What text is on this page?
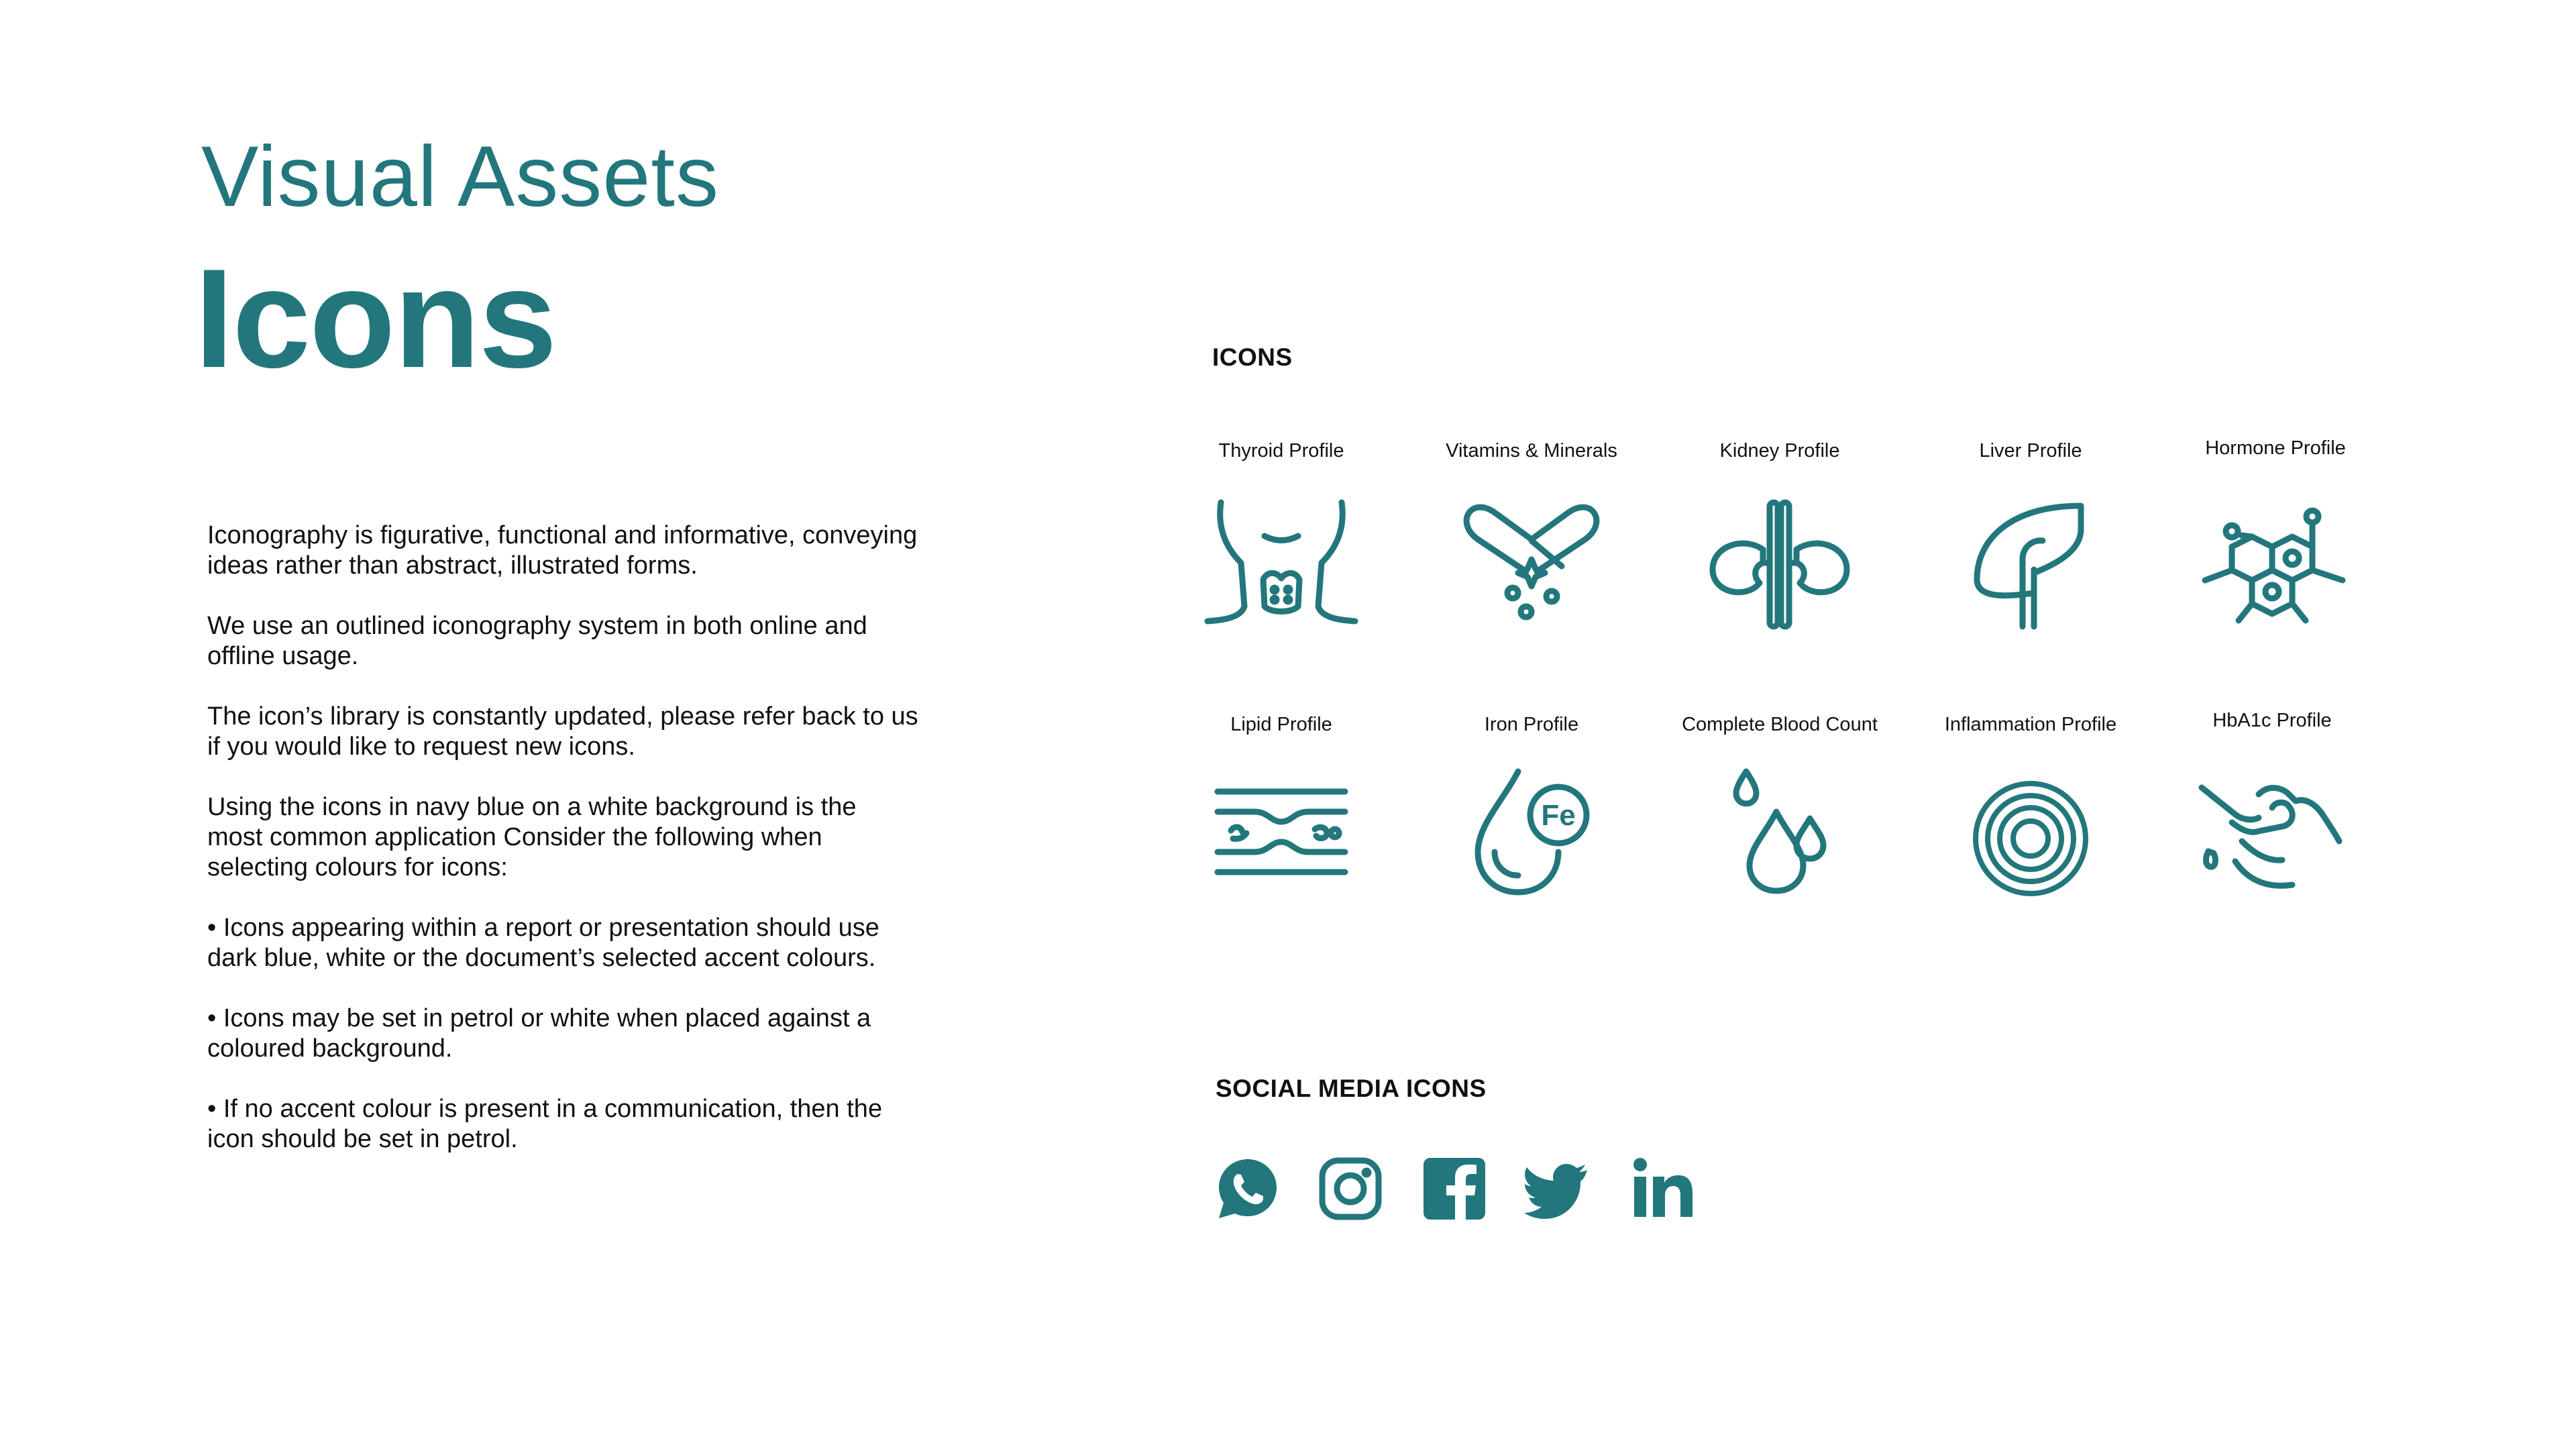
Visual Assets
Icons

Iconography is figurative, functional and informative, conveying ideas rather than abstract, illustrated forms.

We use an outlined iconography system in both online and offline usage.

The icon’s library is constantly updated, please refer back to us if you would like to request new icons.

Using the icons in navy blue on a white background is the most common application Consider the following when selecting colours for icons:

• Icons appearing within a report or presentation should use dark blue, white or the document’s selected accent colours.

• Icons may be set in petrol or white when placed against a coloured background.

• If no accent colour is present in a communication, then the icon should be set in petrol.

ICONS
Thyroid Profile	Vitamins & Minerals	Kidney Profile	Liver Profile	Hormone Profile
Lipid Profile	Iron Profile
Fe
Complete Blood Count	Inflammation Profile	HbA1c Profile
SOCIAL MEDIA ICONS
